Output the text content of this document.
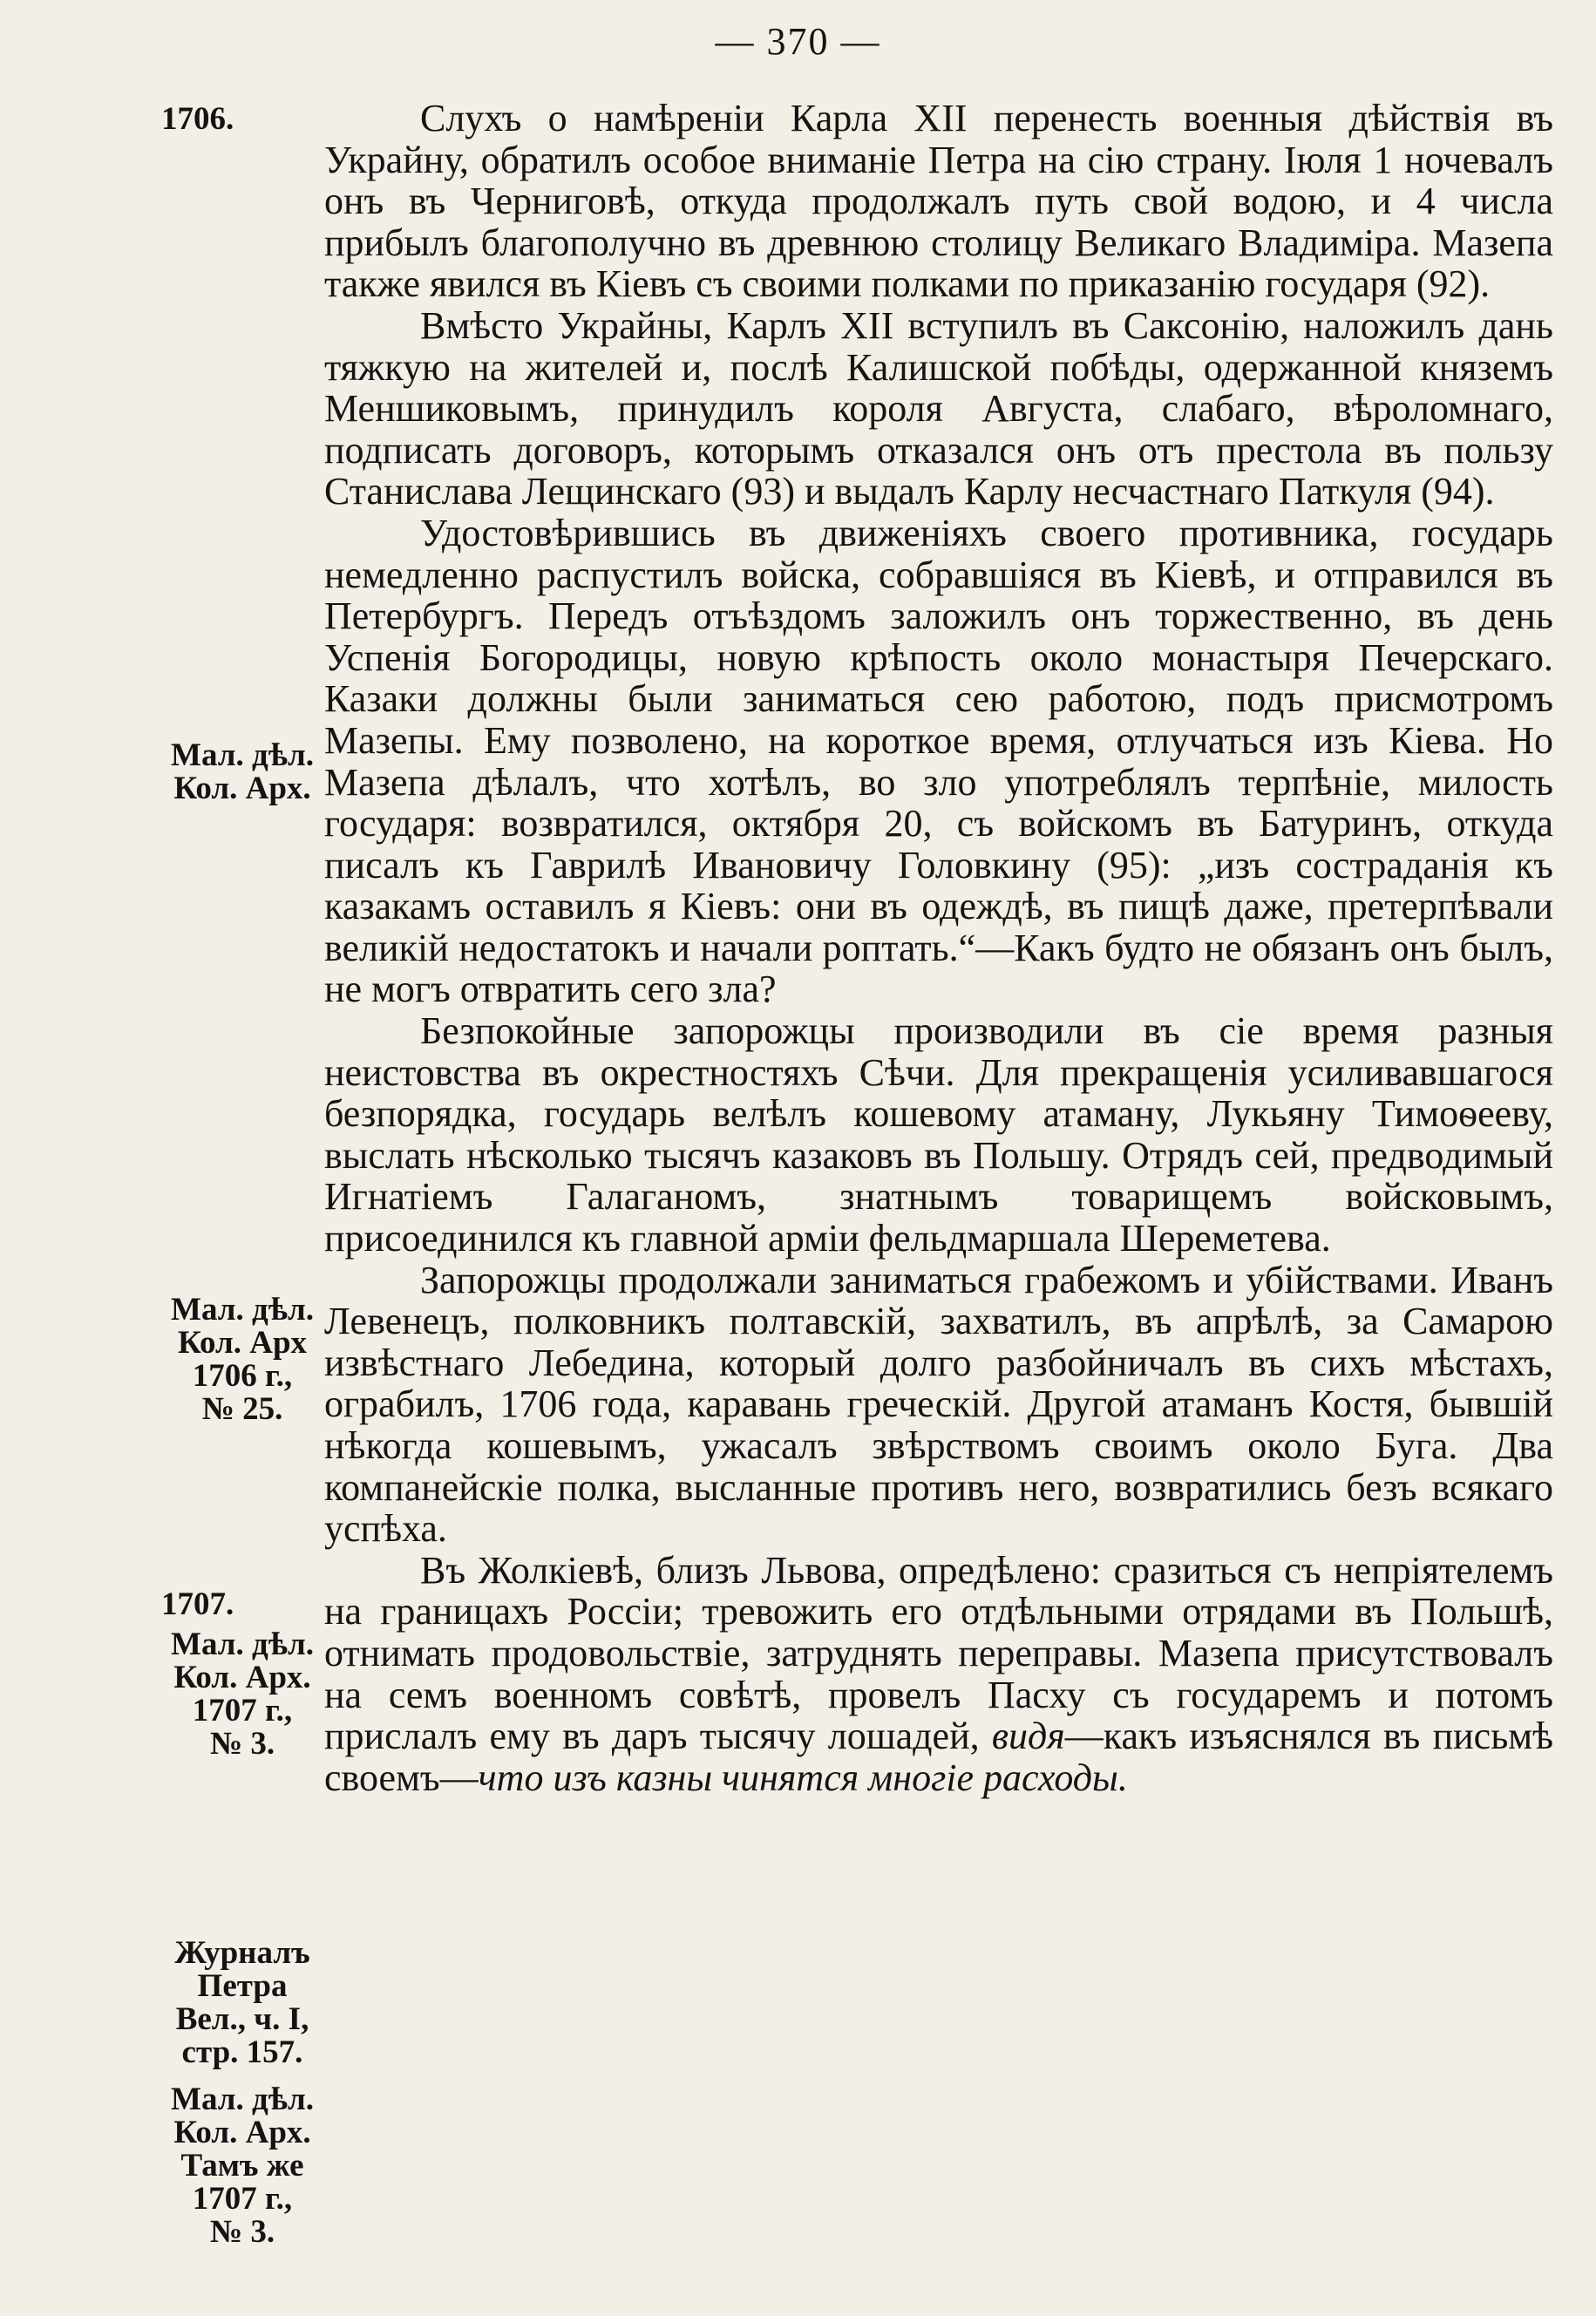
— 370 —
1706.
Мал. дѣл.
Кол. Арх.
Мал. дѣл.
Кол. Арх
1706 г.,
№ 25.
1707.
Мал. дѣл.
Кол. Арх.
1707 г.,
№ 3.
Журналъ
Петра
Вел., ч. I,
стр. 157.
Мал. дѣл.
Кол. Арх.
Тамъ же
1707 г.,
№ 3.

Слухъ о намѣреніи Карла XII перенесть военныя дѣйствія въ Украйну, обратилъ особое вниманіе Петра на сію страну. Іюля 1 ночевалъ онъ въ Черниговѣ, откуда продолжалъ путь свой водою, и 4 числа прибылъ благополучно въ древнюю столицу Великаго Владиміра. Мазепа также явился въ Кіевъ съ своими полками по приказанію государя (92).

Вмѣсто Украйны, Карлъ XII вступилъ въ Саксонію, наложилъ дань тяжкую на жителей и, послѣ Калишской побѣды, одержанной княземъ Меншиковымъ, принудилъ короля Августа, слабаго, вѣроломнаго, подписать договоръ, которымъ отказался онъ отъ престола въ пользу Станислава Лещинскаго (93) и выдалъ Карлу несчастнаго Паткуля (94).

Удостовѣрившись въ движеніяхъ своего противника, государь немедленно распустилъ войска, собравшіяся въ Кіевѣ, и отправился въ Петербургъ. Передъ отъѣздомъ заложилъ онъ торжественно, въ день Успенія Богородицы, новую крѣпость около монастыря Печерскаго. Казаки должны были заниматься сею работою, подъ присмотромъ Мазепы. Ему позволено, на короткое время, отлучаться изъ Кіева. Но Мазепа дѣлалъ, что хотѣлъ, во зло употреблялъ терпѣніе, милость государя: возвратился, октября 20, съ войскомъ въ Батуринъ, откуда писалъ къ Гаврилѣ Ивановичу Головкину (95): „изъ состраданія къ казакамъ оставилъ я Кіевъ: они въ одеждѣ, въ пищѣ даже, претерпѣвали великій недостатокъ и начали роптать.“—Какъ будто не обязанъ онъ былъ, не могъ отвратить сего зла?

Безпокойные запорожцы производили въ сіе время разныя неистовства въ окрестностяхъ Сѣчи. Для прекращенія усиливавшагося безпорядка, государь велѣлъ кошевому атаману, Лукьяну Тимоѳееву, выслать нѣсколько тысячъ казаковъ въ Польшу. Отрядъ сей, предводимый Игнатіемъ Галаганомъ, знатнымъ товарищемъ войсковымъ, присоединился къ главной арміи фельдмаршала Шереметева.

Запорожцы продолжали заниматься грабежомъ и убійствами. Иванъ Левенецъ, полковникъ полтавскій, захватилъ, въ апрѣлѣ, за Самарою извѣстнаго Лебедина, который долго разбойничалъ въ сихъ мѣстахъ, ограбилъ, 1706 года, каравань греческій. Другой атаманъ Костя, бывшій нѣкогда кошевымъ, ужасалъ звѣрствомъ своимъ около Буга. Два компанейскіе полка, высланные противъ него, возвратились безъ всякаго успѣха.

Въ Жолкіевѣ, близъ Львова, опредѣлено: сразиться съ непріятелемъ на границахъ Россіи; тревожить его отдѣльными отрядами въ Польшѣ, отнимать продовольствіе, затруднять переправы. Мазепа присутствовалъ на семъ военномъ совѣтѣ, провелъ Пасху съ государемъ и потомъ прислалъ ему въ даръ тысячу лошадей, видя—какъ изъяснялся въ письмѣ своемъ—что изъ казны чинятся многіе расходы.
